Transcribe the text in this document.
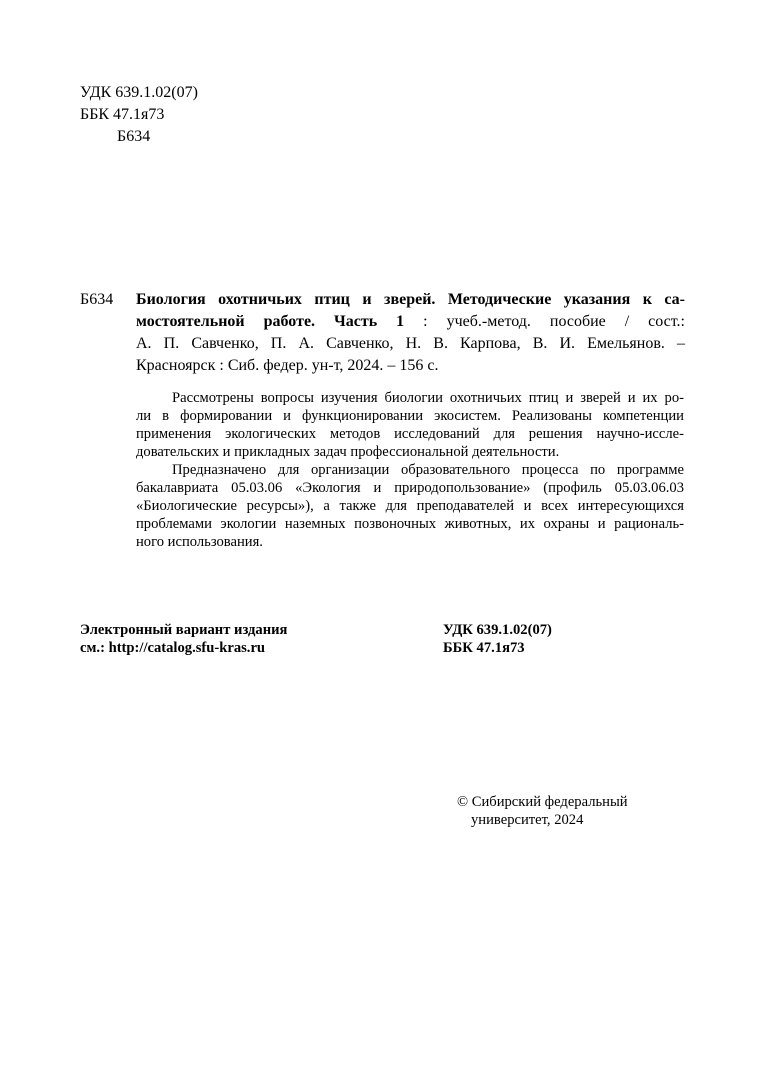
УДК 639.1.02(07)
ББК 47.1я73
Б634
Б634 Биология охотничьих птиц и зверей. Методические указания к са-
мостоятельной работе. Часть 1 : учеб.-метод. пособие / сост.:
А. П. Савченко, П. А. Савченко, Н. В. Карпова, В. И. Емельянов. –
Красноярск : Сиб. федер. ун-т, 2024. – 156 с.
Рассмотрены вопросы изучения биологии охотничьих птиц и зверей и их ро-
ли в формировании и функционировании экосистем. Реализованы компетенции
применения экологических методов исследований для решения научно-иссле-
довательских и прикладных задач профессиональной деятельности.
Предназначено для организации образовательного процесса по программе
бакалавриата 05.03.06 «Экология и природопользование» (профиль 05.03.06.03
«Биологические ресурсы»), а также для преподавателей и всех интересующихся
проблемами экологии наземных позвоночных животных, их охраны и рациональ-
ного использования.
Электронный вариант издания
см.: http://catalog.sfu-kras.ru
УДК 639.1.02(07)
ББК 47.1я73
© Сибирский федеральный
университет, 2024
